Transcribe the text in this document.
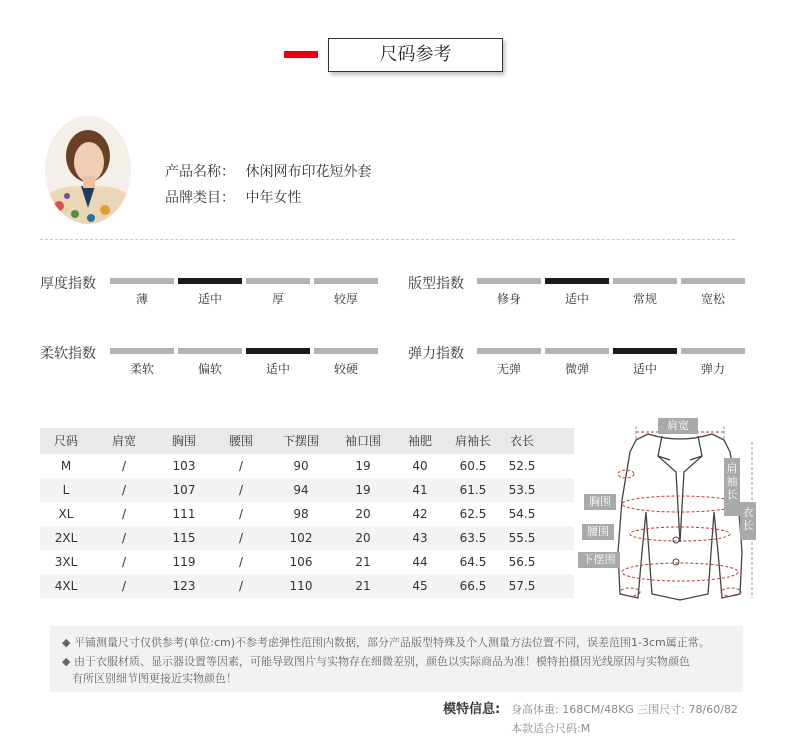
尺码参考
产品名称： 休闲网布印花短外套
品牌类目： 中年女性
厚度指数
薄	适中	厚	较厚
版型指数
修身	适中	常规	宽松
柔软指数
柔软	偏软	适中	较硬
弹力指数
无弹	微弹	适中	弹力
尺码	肩宽	胸围	腰围	下摆围	袖口围	袖肥	肩袖长	衣长
M	/	103	/	90	19	40	60.5	52.5
L	/	107	/	94	19	41	61.5	53.5
XL	/	111	/	98	20	42	62.5	54.5
2XL	/	115	/	102	20	43	63.5	55.5
3XL	/	119	/	106	21	44	64.5	56.5
4XL	/	123	/	110	21	45	66.5	57.5
肩宽
肩袖长
胸围
腰围
下摆围
衣长
◆ 平铺测量尺寸仅供参考(单位:cm)不参考虑弹性范围内数据，部分产品版型特殊及个人测量方法位置不同，误差范围1-3cm属正常。
◆ 由于衣服材质、显示器设置等因素，可能导致图片与实物存在细微差别，颜色以实际商品为准！模特拍摄因光线原因与实物颜色
有所区别细节图更接近实物颜色！
模特信息: 身高体重: 168CM/48KG 三围尺寸: 78/60/82
本款适合尺码:M
